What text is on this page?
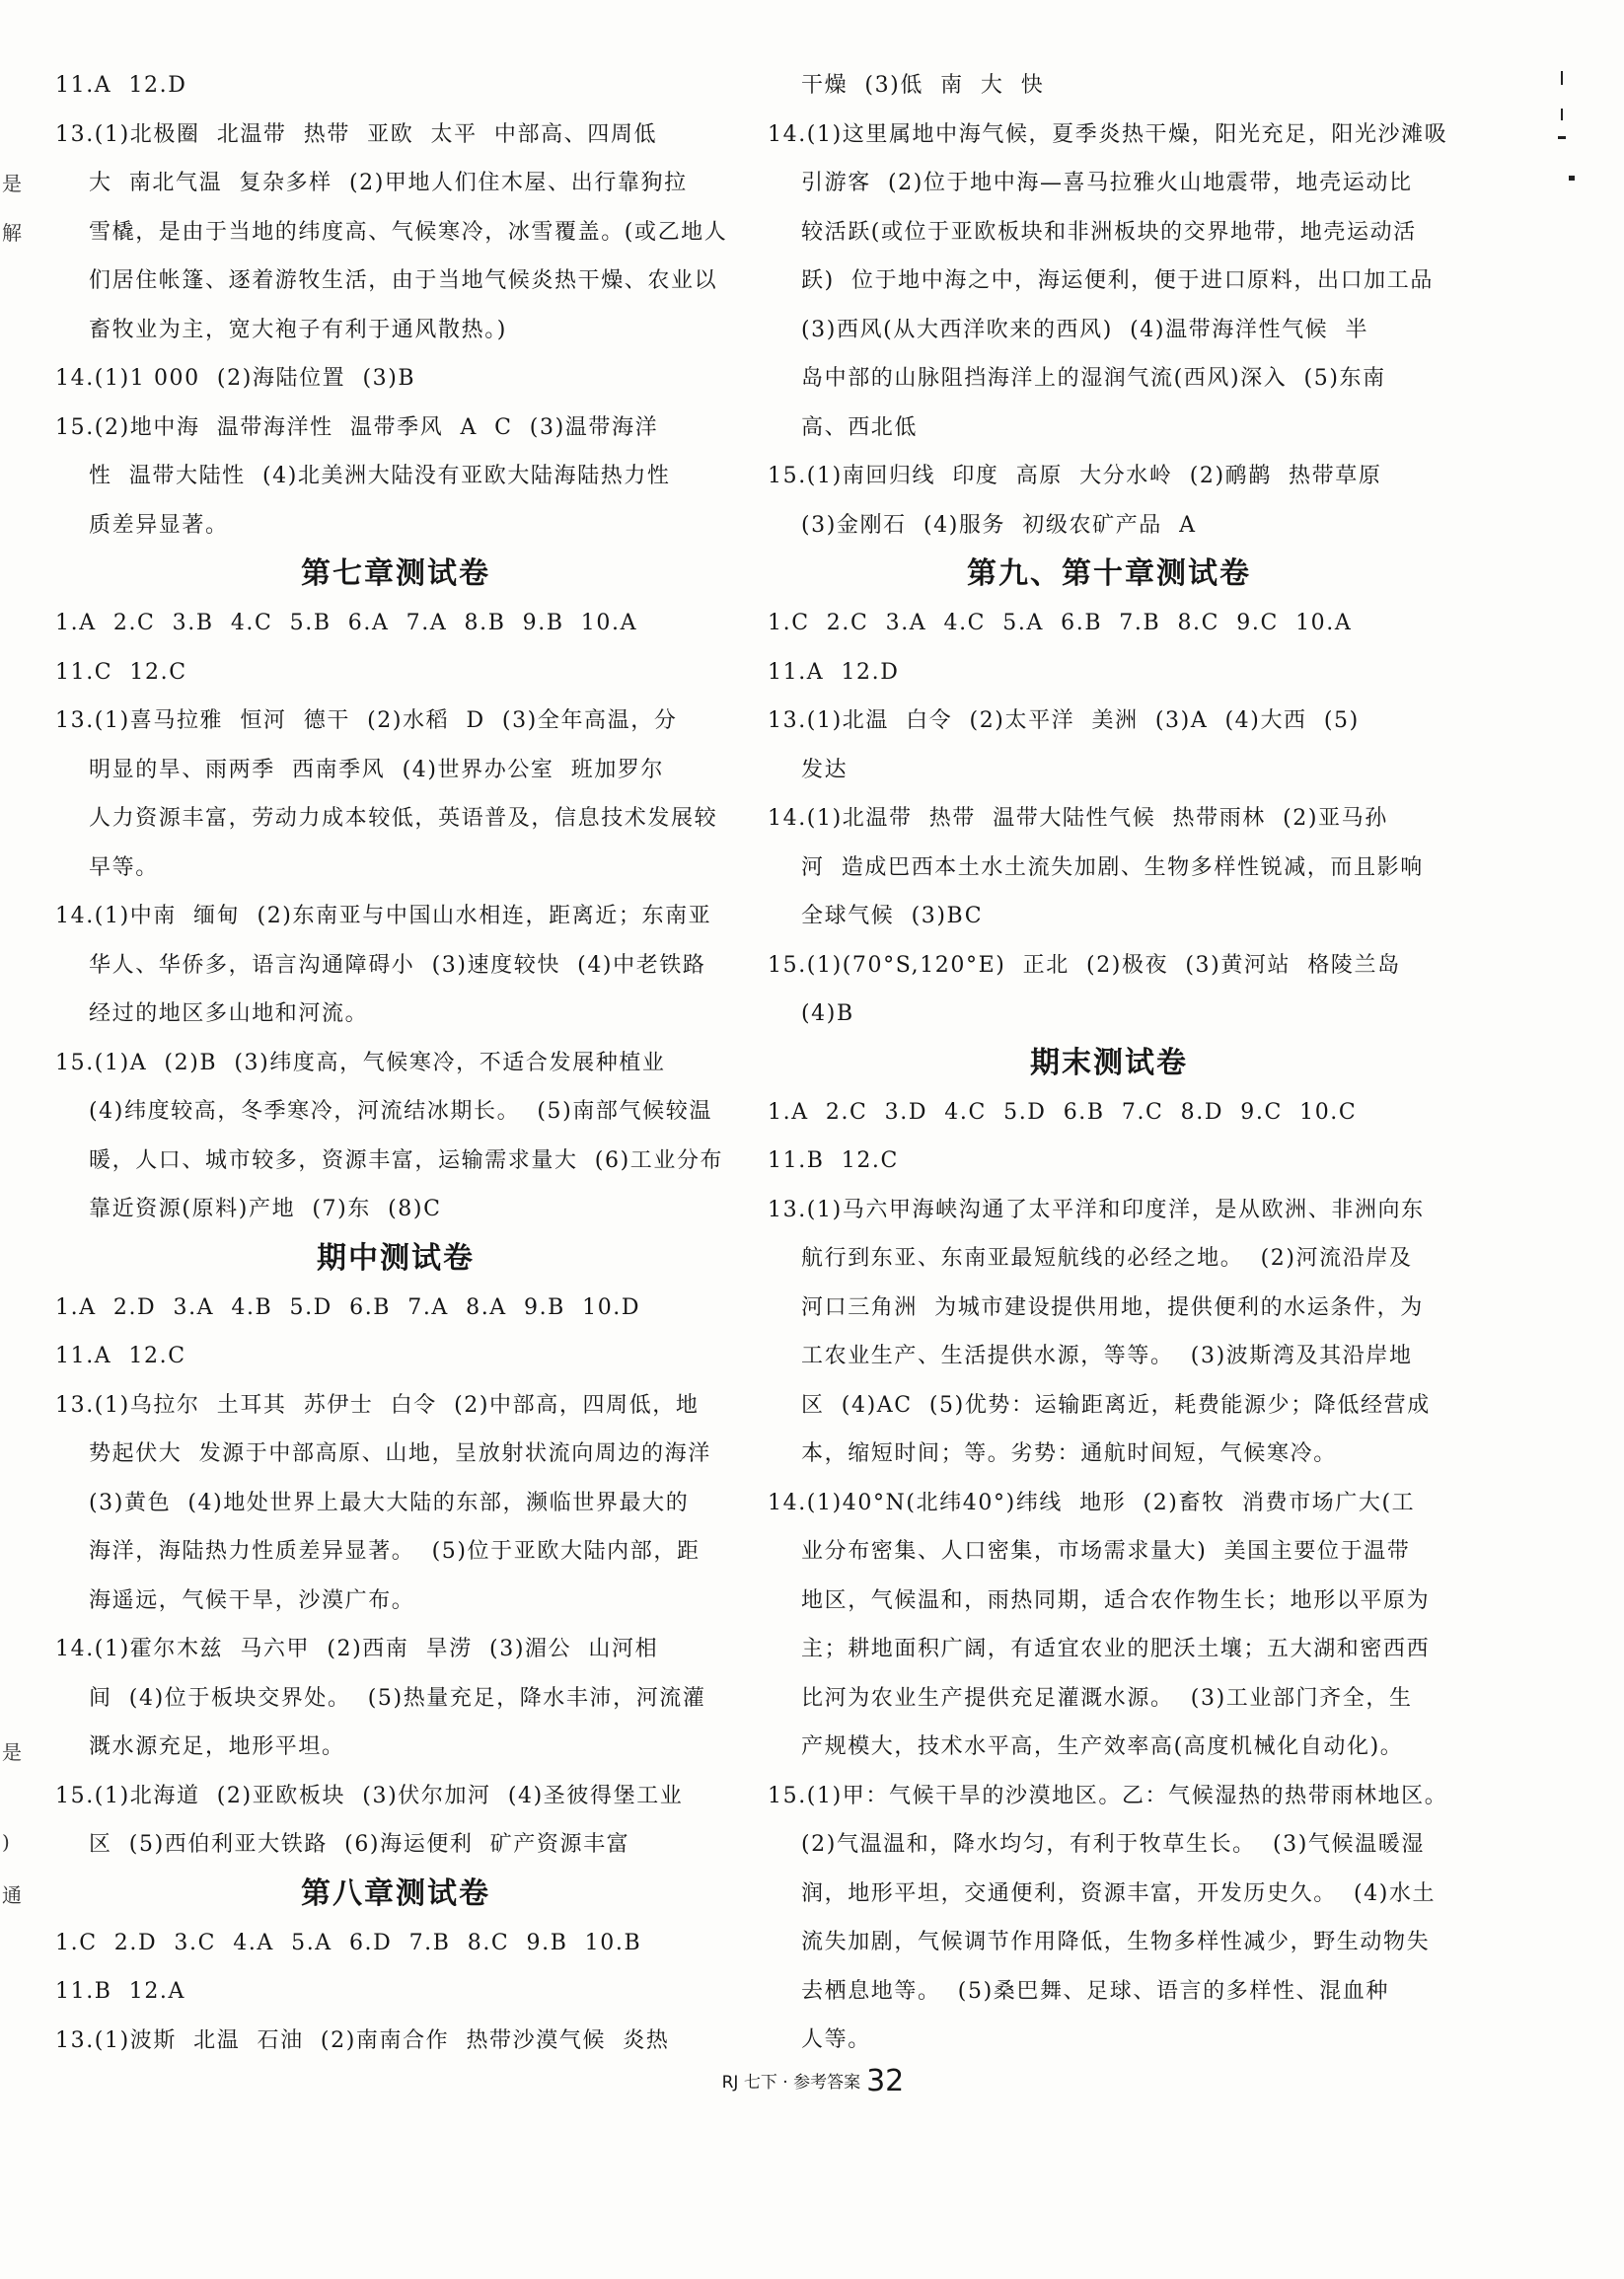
11.A  12.D
13.(1)北极圈  北温带  热带  亚欧  太平  中部高、四周低
大  南北气温  复杂多样  (2)甲地人们住木屋、出行靠狗拉
雪橇，是由于当地的纬度高、气候寒冷，冰雪覆盖。(或乙地人
们居住帐篷、逐着游牧生活，由于当地气候炎热干燥、农业以
畜牧业为主，宽大袍子有利于通风散热。)
14.(1)1 000  (2)海陆位置  (3)B
15.(2)地中海  温带海洋性  温带季风  A  C  (3)温带海洋
性  温带大陆性  (4)北美洲大陆没有亚欧大陆海陆热力性
质差异显著。
第七章测试卷
1.A  2.C  3.B  4.C  5.B  6.A  7.A  8.B  9.B  10.A
11.C  12.C
13.(1)喜马拉雅  恒河  德干  (2)水稻  D  (3)全年高温，分
明显的旱、雨两季  西南季风  (4)世界办公室  班加罗尔
人力资源丰富，劳动力成本较低，英语普及，信息技术发展较
早等。
14.(1)中南  缅甸  (2)东南亚与中国山水相连，距离近；东南亚
华人、华侨多，语言沟通障碍小  (3)速度较快  (4)中老铁路
经过的地区多山地和河流。
15.(1)A  (2)B  (3)纬度高，气候寒冷，不适合发展种植业
(4)纬度较高，冬季寒冷，河流结冰期长。  (5)南部气候较温
暖，人口、城市较多，资源丰富，运输需求量大  (6)工业分布
靠近资源(原料)产地  (7)东  (8)C
期中测试卷
1.A  2.D  3.A  4.B  5.D  6.B  7.A  8.A  9.B  10.D
11.A  12.C
13.(1)乌拉尔  土耳其  苏伊士  白令  (2)中部高，四周低，地
势起伏大  发源于中部高原、山地，呈放射状流向周边的海洋
(3)黄色  (4)地处世界上最大大陆的东部，濒临世界最大的
海洋，海陆热力性质差异显著。  (5)位于亚欧大陆内部，距
海遥远，气候干旱，沙漠广布。
14.(1)霍尔木兹  马六甲  (2)西南  旱涝  (3)湄公  山河相
间  (4)位于板块交界处。  (5)热量充足，降水丰沛，河流灌
溉水源充足，地形平坦。
15.(1)北海道  (2)亚欧板块  (3)伏尔加河  (4)圣彼得堡工业
区  (5)西伯利亚大铁路  (6)海运便利  矿产资源丰富
第八章测试卷
1.C  2.D  3.C  4.A  5.A  6.D  7.B  8.C  9.B  10.B
11.B  12.A
13.(1)波斯  北温  石油  (2)南南合作  热带沙漠气候  炎热
干燥  (3)低  南  大  快
14.(1)这里属地中海气候，夏季炎热干燥，阳光充足，阳光沙滩吸
引游客  (2)位于地中海—喜马拉雅火山地震带，地壳运动比
较活跃(或位于亚欧板块和非洲板块的交界地带，地壳运动活
跃)  位于地中海之中，海运便利，便于进口原料，出口加工品
(3)西风(从大西洋吹来的西风)  (4)温带海洋性气候  半
岛中部的山脉阻挡海洋上的湿润气流(西风)深入  (5)东南
高、西北低
15.(1)南回归线  印度  高原  大分水岭  (2)鸸鹋  热带草原
(3)金刚石  (4)服务  初级农矿产品  A
第九、第十章测试卷
1.C  2.C  3.A  4.C  5.A  6.B  7.B  8.C  9.C  10.A
11.A  12.D
13.(1)北温  白令  (2)太平洋  美洲  (3)A  (4)大西  (5)
发达
14.(1)北温带  热带  温带大陆性气候  热带雨林  (2)亚马孙
河  造成巴西本土水土流失加剧、生物多样性锐减，而且影响
全球气候  (3)BC
15.(1)(70°S,120°E)  正北  (2)极夜  (3)黄河站  格陵兰岛
(4)B
期末测试卷
1.A  2.C  3.D  4.C  5.D  6.B  7.C  8.D  9.C  10.C
11.B  12.C
13.(1)马六甲海峡沟通了太平洋和印度洋，是从欧洲、非洲向东
航行到东亚、东南亚最短航线的必经之地。  (2)河流沿岸及
河口三角洲  为城市建设提供用地，提供便利的水运条件，为
工农业生产、生活提供水源，等等。  (3)波斯湾及其沿岸地
区  (4)AC  (5)优势：运输距离近，耗费能源少；降低经营成
本，缩短时间；等。劣势：通航时间短，气候寒冷。
14.(1)40°N(北纬40°)纬线  地形  (2)畜牧  消费市场广大(工
业分布密集、人口密集，市场需求量大)  美国主要位于温带
地区，气候温和，雨热同期，适合农作物生长；地形以平原为
主；耕地面积广阔，有适宜农业的肥沃土壤；五大湖和密西西
比河为农业生产提供充足灌溉水源。  (3)工业部门齐全，生
产规模大，技术水平高，生产效率高(高度机械化自动化)。
15.(1)甲：气候干旱的沙漠地区。乙：气候湿热的热带雨林地区。
(2)气温温和，降水均匀，有利于牧草生长。  (3)气候温暖湿
润，地形平坦，交通便利，资源丰富，开发历史久。  (4)水土
流失加剧，气候调节作用降低，生物多样性减少，野生动物失
去栖息地等。  (5)桑巴舞、足球、语言的多样性、混血种
人等。

RJ 七下 · 参考答案 32

是
解
是
)
通
